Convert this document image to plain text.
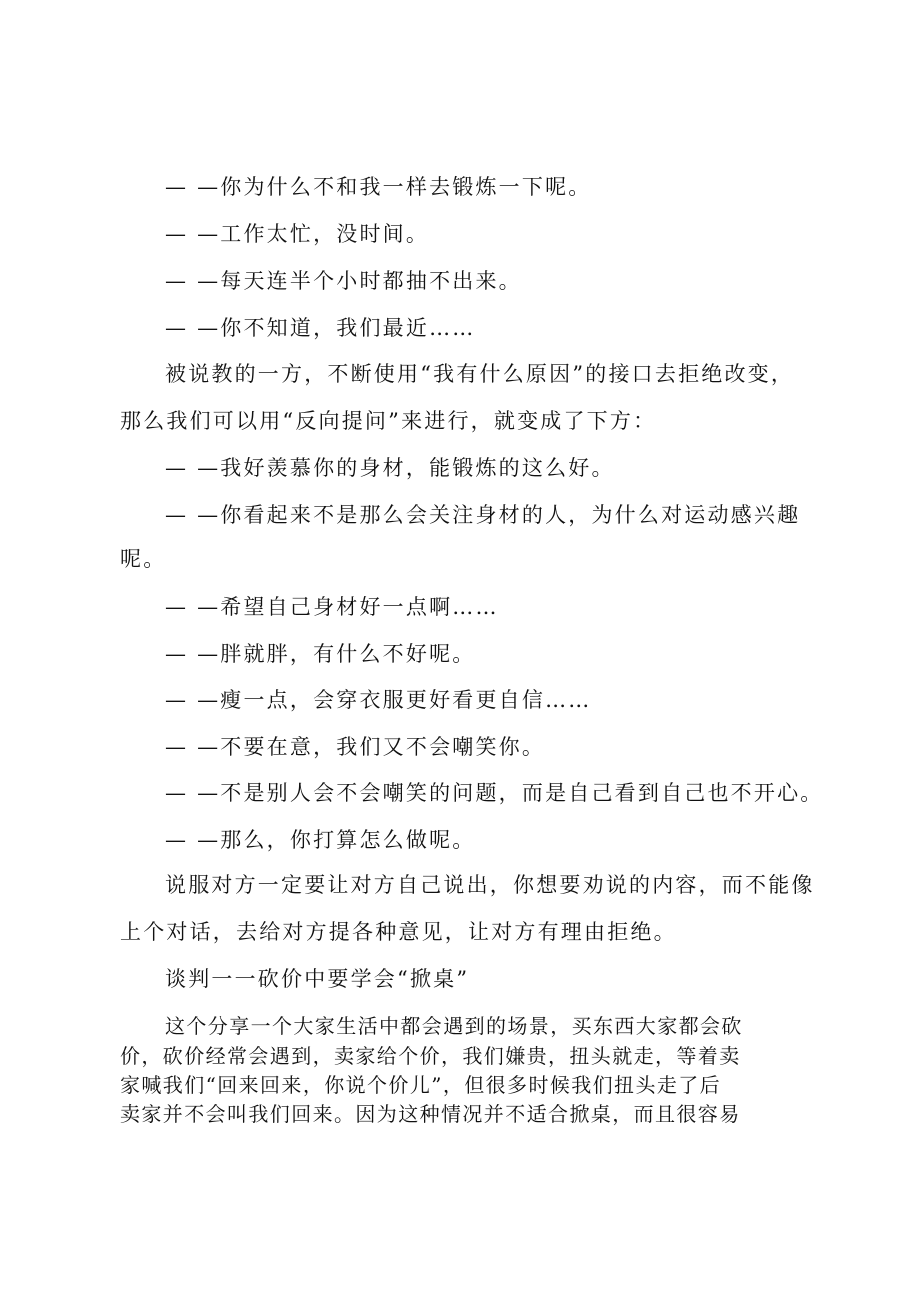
— —你为什么不和我一样去锻炼一下呢。
— —工作太忙，没时间。
— —每天连半个小时都抽不出来。
— —你不知道，我们最近……
被说教的一方，不断使用“我有什么原因”的接口去拒绝改变，
那么我们可以用“反向提问”来进行，就变成了下方：
— —我好羡慕你的身材，能锻炼的这么好。
— —你看起来不是那么会关注身材的人，为什么对运动感兴趣
呢。
— —希望自己身材好一点啊……
— —胖就胖，有什么不好呢。
— —瘦一点，会穿衣服更好看更自信……
— —不要在意，我们又不会嘲笑你。
— —不是别人会不会嘲笑的问题，而是自己看到自己也不开心。
— —那么，你打算怎么做呢。
说服对方一定要让对方自己说出，你想要劝说的内容，而不能像
上个对话，去给对方提各种意见，让对方有理由拒绝。
谈判一一砍价中要学会“掀桌”
这个分享一个大家生活中都会遇到的场景，买东西大家都会砍
价，砍价经常会遇到，卖家给个价，我们嫌贵，扭头就走，等着卖
家喊我们“回来回来，你说个价儿”，但很多时候我们扭头走了后
卖家并不会叫我们回来。因为这种情况并不适合掀桌，而且很容易
